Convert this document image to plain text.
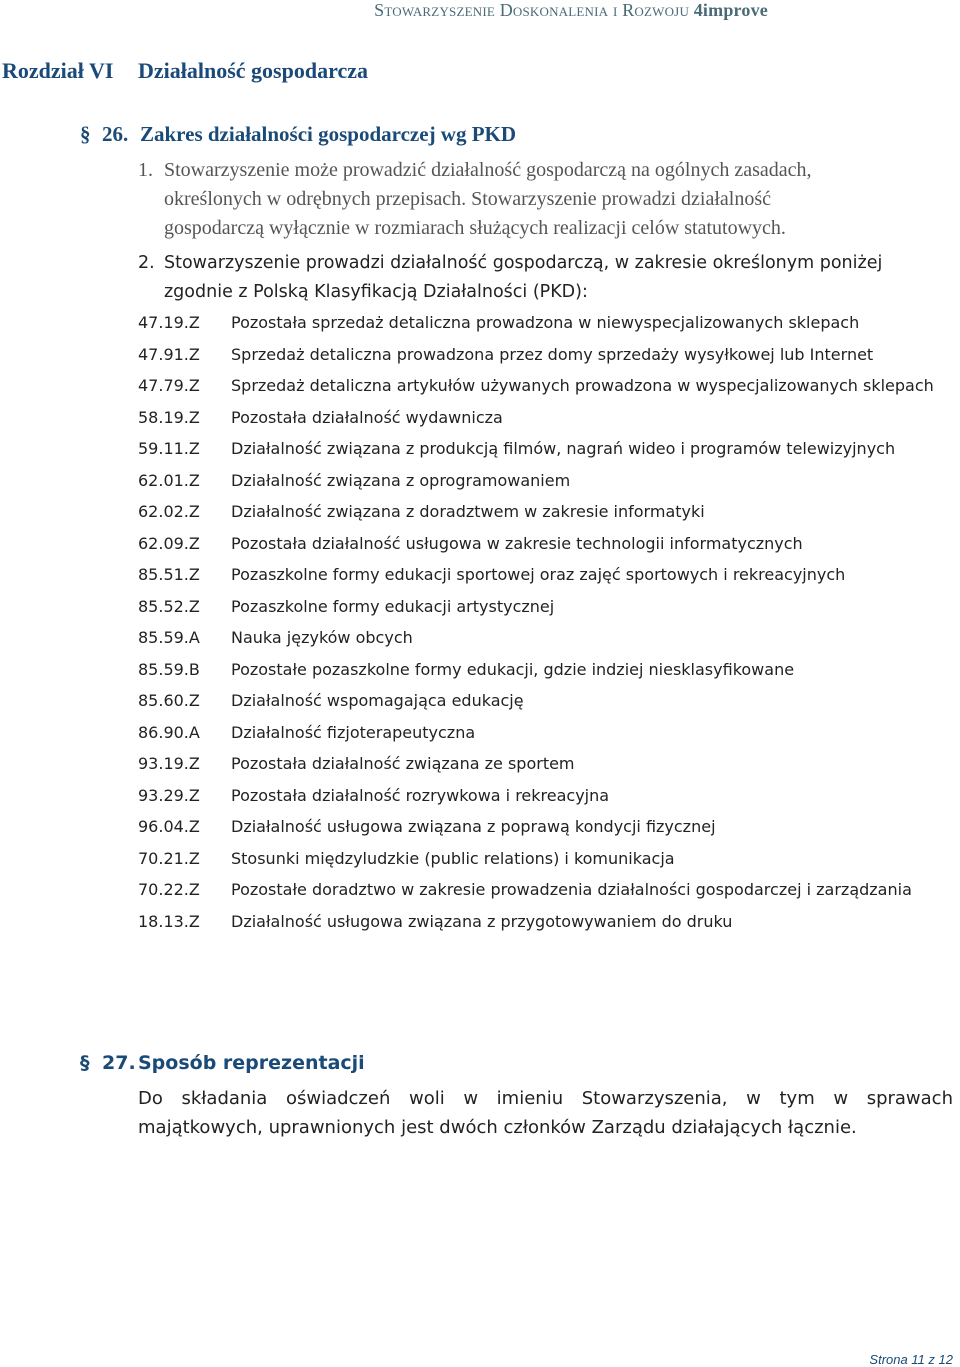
Stowarzyszenie Doskonalenia i Rozwoju 4improve
Rozdział VI Działalność gospodarcza
§ 26. Zakres działalności gospodarczej wg PKD
1. Stowarzyszenie może prowadzić działalność gospodarczą na ogólnych zasadach,
określonych w odrębnych przepisach. Stowarzyszenie prowadzi działalność
gospodarczą wyłącznie w rozmiarach służących realizacji celów statutowych.
2. Stowarzyszenie prowadzi działalność gospodarczą, w zakresie określonym poniżej
zgodnie z Polską Klasyfikacją Działalności (PKD):
47.19.Z	Pozostała sprzedaż detaliczna prowadzona w niewyspecjalizowanych sklepach
47.91.Z	Sprzedaż detaliczna prowadzona przez domy sprzedaży wysyłkowej lub Internet
47.79.Z	Sprzedaż detaliczna artykułów używanych prowadzona w wyspecjalizowanych sklepach
58.19.Z	Pozostała działalność wydawnicza
59.11.Z	Działalność związana z produkcją filmów, nagrań wideo i programów telewizyjnych
62.01.Z	Działalność związana z oprogramowaniem
62.02.Z	Działalność związana z doradztwem w zakresie informatyki
62.09.Z	Pozostała działalność usługowa w zakresie technologii informatycznych
85.51.Z	Pozaszkolne formy edukacji sportowej oraz zajęć sportowych i rekreacyjnych
85.52.Z	Pozaszkolne formy edukacji artystycznej
85.59.A	Nauka języków obcych
85.59.B	Pozostałe pozaszkolne formy edukacji, gdzie indziej niesklasyfikowane
85.60.Z	Działalność wspomagająca edukację
86.90.A	Działalność fizjoterapeutyczna
93.19.Z	Pozostała działalność związana ze sportem
93.29.Z	Pozostała działalność rozrywkowa i rekreacyjna
96.04.Z	Działalność usługowa związana z poprawą kondycji fizycznej
70.21.Z	Stosunki międzyludzkie (public relations) i komunikacja
70.22.Z	Pozostałe doradztwo w zakresie prowadzenia działalności gospodarczej i zarządzania
18.13.Z	Działalność usługowa związana z przygotowywaniem do druku
§ 27. Sposób reprezentacji
Do składania oświadczeń woli w imieniu Stowarzyszenia, w tym w sprawach majątkowych, uprawnionych jest dwóch członków Zarządu działających łącznie.
Strona 11 z 12
